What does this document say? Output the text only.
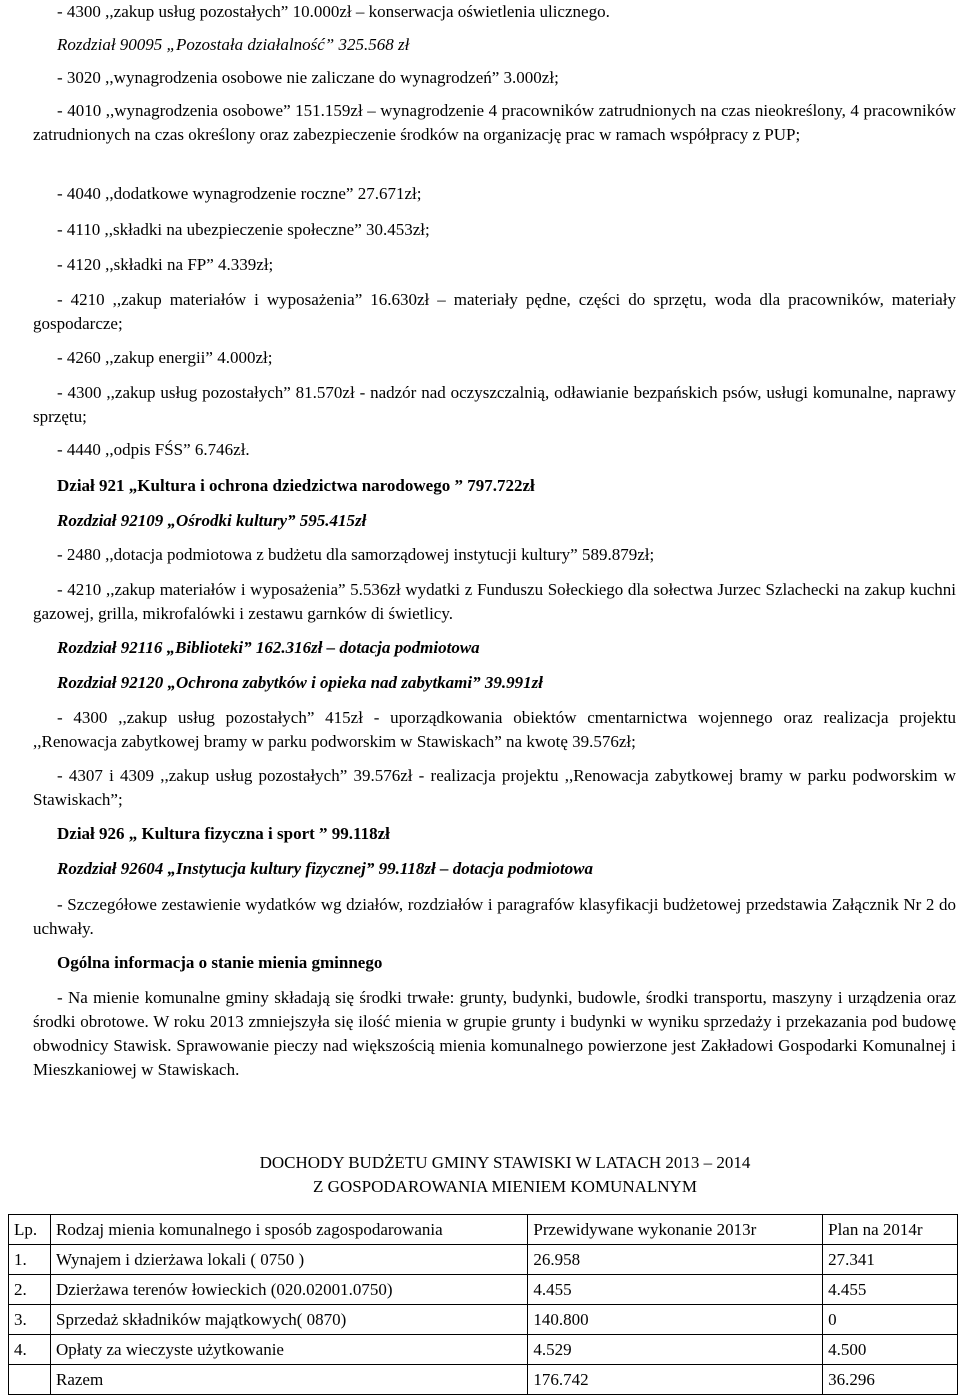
- 4300 ,,zakup usług pozostałych” 10.000zł – konserwacja oświetlenia ulicznego.

Rozdział 90095 „Pozostała działalność” 325.568 zł

- 3020 ,,wynagrodzenia osobowe nie zaliczane do wynagrodzeń” 3.000zł;

- 4010 ,,wynagrodzenia osobowe” 151.159zł – wynagrodzenie 4 pracowników zatrudnionych na czas nieokreślony, 4 pracowników zatrudnionych na czas określony oraz zabezpieczenie środków na organizację prac w ramach współpracy z PUP;

- 4040 ,,dodatkowe wynagrodzenie roczne” 27.671zł;

- 4110 ,,składki na ubezpieczenie społeczne” 30.453zł;

- 4120 ,,składki na FP” 4.339zł;

- 4210 ,,zakup materiałów i wyposażenia” 16.630zł – materiały pędne, części do sprzętu, woda dla pracowników, materiały gospodarcze;

- 4260 ,,zakup energii” 4.000zł;

- 4300 ,,zakup usług pozostałych” 81.570zł - nadzór nad oczyszczalnią, odławianie bezpańskich psów, usługi komunalne, naprawy sprzętu;

- 4440 ,,odpis FŚS” 6.746zł.

Dział 921 „Kultura i ochrona dziedzictwa narodowego ” 797.722zł

Rozdział 92109 „Ośrodki kultury” 595.415zł

- 2480 ,,dotacja podmiotowa z budżetu dla samorządowej instytucji kultury” 589.879zł;

- 4210 ,,zakup materiałów i wyposażenia” 5.536zł wydatki z Funduszu Sołeckiego dla sołectwa Jurzec Szlachecki na zakup kuchni gazowej, grilla, mikrofalówki i zestawu garnków di świetlicy.

Rozdział 92116 „Biblioteki” 162.316zł – dotacja podmiotowa

Rozdział 92120 „Ochrona zabytków i opieka nad zabytkami” 39.991zł

- 4300 ,,zakup usług pozostałych” 415zł - uporządkowania obiektów cmentarnictwa wojennego oraz realizacja projektu ,,Renowacja zabytkowej bramy w parku podworskim w Stawiskach” na kwotę 39.576zł;

- 4307 i 4309 ,,zakup usług pozostałych” 39.576zł - realizacja projektu ,,Renowacja zabytkowej bramy w parku podworskim w Stawiskach”;

Dział 926 „ Kultura fizyczna i sport ” 99.118zł

Rozdział 92604 „Instytucja kultury fizycznej” 99.118zł – dotacja podmiotowa

- Szczegółowe zestawienie wydatków wg działów, rozdziałów i paragrafów klasyfikacji budżetowej przedstawia Załącznik Nr 2 do uchwały.

Ogólna informacja o stanie mienia gminnego

- Na mienie komunalne gminy składają się środki trwałe: grunty, budynki, budowle, środki transportu, maszyny i urządzenia oraz środki obrotowe. W roku 2013 zmniejszyła się ilość mienia w grupie grunty i budynki w wyniku sprzedaży i przekazania pod budowę obwodnicy Stawisk. Sprawowanie pieczy nad większością mienia komunalnego powierzone jest Zakładowi Gospodarki Komunalnej i Mieszkaniowej w Stawiskach.

DOCHODY BUDŻETU GMINY STAWISKI W LATACH 2013 – 2014
Z GOSPODAROWANIA MIENIEM KOMUNALNYM
Lp.	Rodzaj mienia komunalnego i sposób zagospodarowania	Przewidywane wykonanie 2013r	Plan na 2014r
1.	Wynajem i dzierżawa lokali ( 0750 )	26.958	27.341
2.	Dzierżawa terenów łowieckich (020.02001.0750)	4.455	4.455
3.	Sprzedaż składników majątkowych( 0870)	140.800	0
4.	Opłaty za wieczyste użytkowanie	4.529	4.500
	Razem	176.742	36.296
